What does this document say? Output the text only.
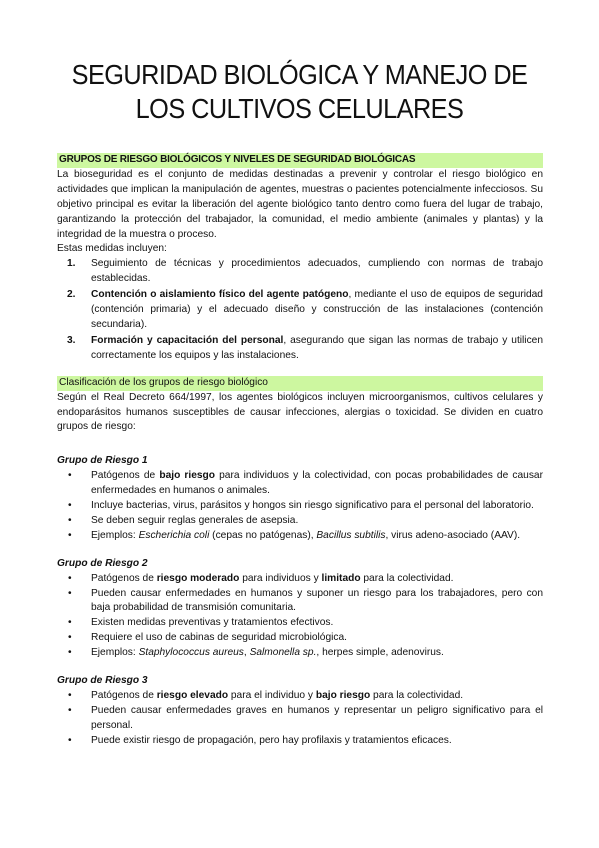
SEGURIDAD BIOLÓGICA Y MANEJO DE
LOS CULTIVOS CELULARES
GRUPOS DE RIESGO BIOLÓGICOS Y NIVELES DE SEGURIDAD BIOLÓGICAS

La bioseguridad es el conjunto de medidas destinadas a prevenir y controlar el riesgo biológico en actividades que implican la manipulación de agentes, muestras o pacientes potencialmente infecciosos. Su objetivo principal es evitar la liberación del agente biológico tanto dentro como fuera del lugar de trabajo, garantizando la protección del trabajador, la comunidad, el medio ambiente (animales y plantas) y la integridad de la muestra o proceso.

Estas medidas incluyen:

1. Seguimiento de técnicas y procedimientos adecuados, cumpliendo con normas de trabajo establecidas.
2. Contención o aislamiento físico del agente patógeno, mediante el uso de equipos de seguridad (contención primaria) y el adecuado diseño y construcción de las instalaciones (contención secundaria).
3. Formación y capacitación del personal, asegurando que sigan las normas de trabajo y utilicen correctamente los equipos y las instalaciones.
Clasificación de los grupos de riesgo biológico

Según el Real Decreto 664/1997, los agentes biológicos incluyen microorganismos, cultivos celulares y endoparásitos humanos susceptibles de causar infecciones, alergias o toxicidad. Se dividen en cuatro grupos de riesgo:

Grupo de Riesgo 1
• Patógenos de bajo riesgo para individuos y la colectividad, con pocas probabilidades de causar enfermedades en humanos o animales.
• Incluye bacterias, virus, parásitos y hongos sin riesgo significativo para el personal del laboratorio.
• Se deben seguir reglas generales de asepsia.
• Ejemplos: Escherichia coli (cepas no patógenas), Bacillus subtilis, virus adeno-asociado (AAV).
Grupo de Riesgo 2
• Patógenos de riesgo moderado para individuos y limitado para la colectividad.
• Pueden causar enfermedades en humanos y suponer un riesgo para los trabajadores, pero con baja probabilidad de transmisión comunitaria.
• Existen medidas preventivas y tratamientos efectivos.
• Requiere el uso de cabinas de seguridad microbiológica.
• Ejemplos: Staphylococcus aureus, Salmonella sp., herpes simple, adenovirus.
Grupo de Riesgo 3
• Patógenos de riesgo elevado para el individuo y bajo riesgo para la colectividad.
• Pueden causar enfermedades graves en humanos y representar un peligro significativo para el personal.
• Puede existir riesgo de propagación, pero hay profilaxis y tratamientos eficaces.
